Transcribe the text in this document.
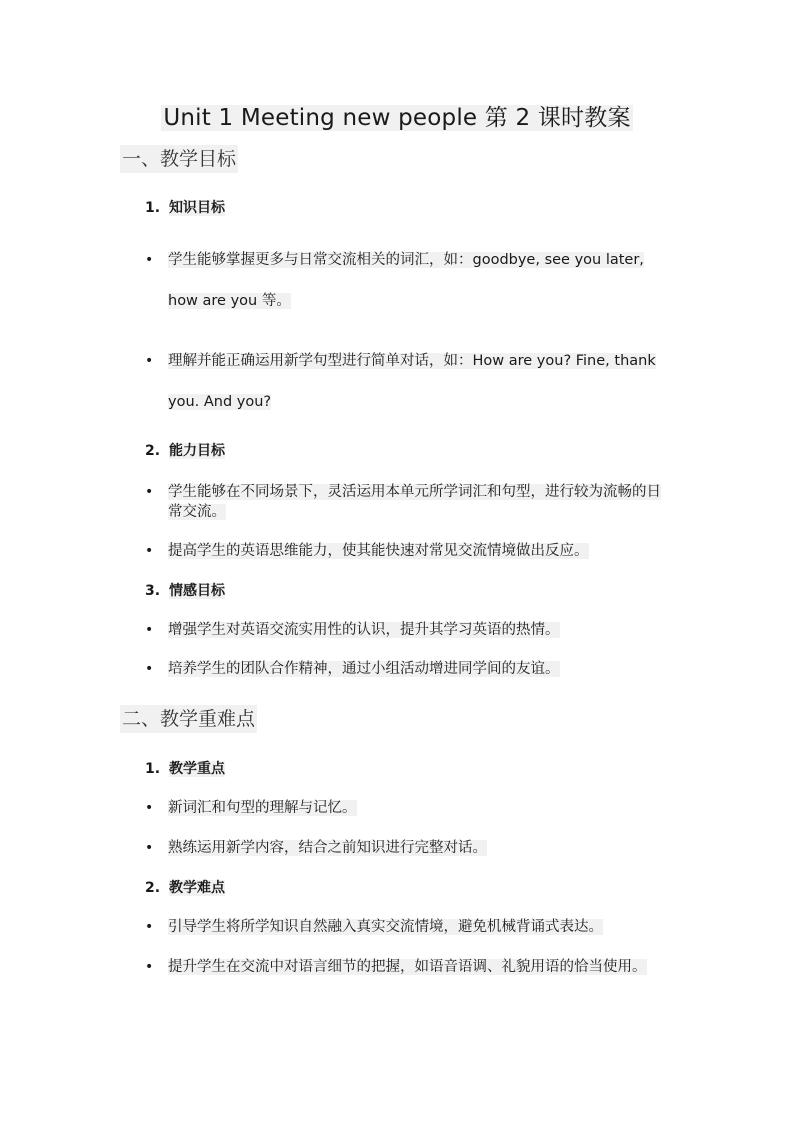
Unit 1 Meeting new people 第 2 课时教案
一、教学目标
1. 知识目标
• 学生能够掌握更多与日常交流相关的词汇，如：goodbye, see you later, how are you 等。
• 理解并能正确运用新学句型进行简单对话，如：How are you? Fine, thank you. And you?
2. 能力目标
• 学生能够在不同场景下，灵活运用本单元所学词汇和句型，进行较为流畅的日常交流。
• 提高学生的英语思维能力，使其能快速对常见交流情境做出反应。
3. 情感目标
• 增强学生对英语交流实用性的认识，提升其学习英语的热情。
• 培养学生的团队合作精神，通过小组活动增进同学间的友谊。
二、教学重难点
1. 教学重点
• 新词汇和句型的理解与记忆。
• 熟练运用新学内容，结合之前知识进行完整对话。
2. 教学难点
• 引导学生将所学知识自然融入真实交流情境，避免机械背诵式表达。
• 提升学生在交流中对语言细节的把握，如语音语调、礼貌用语的恰当使用。
